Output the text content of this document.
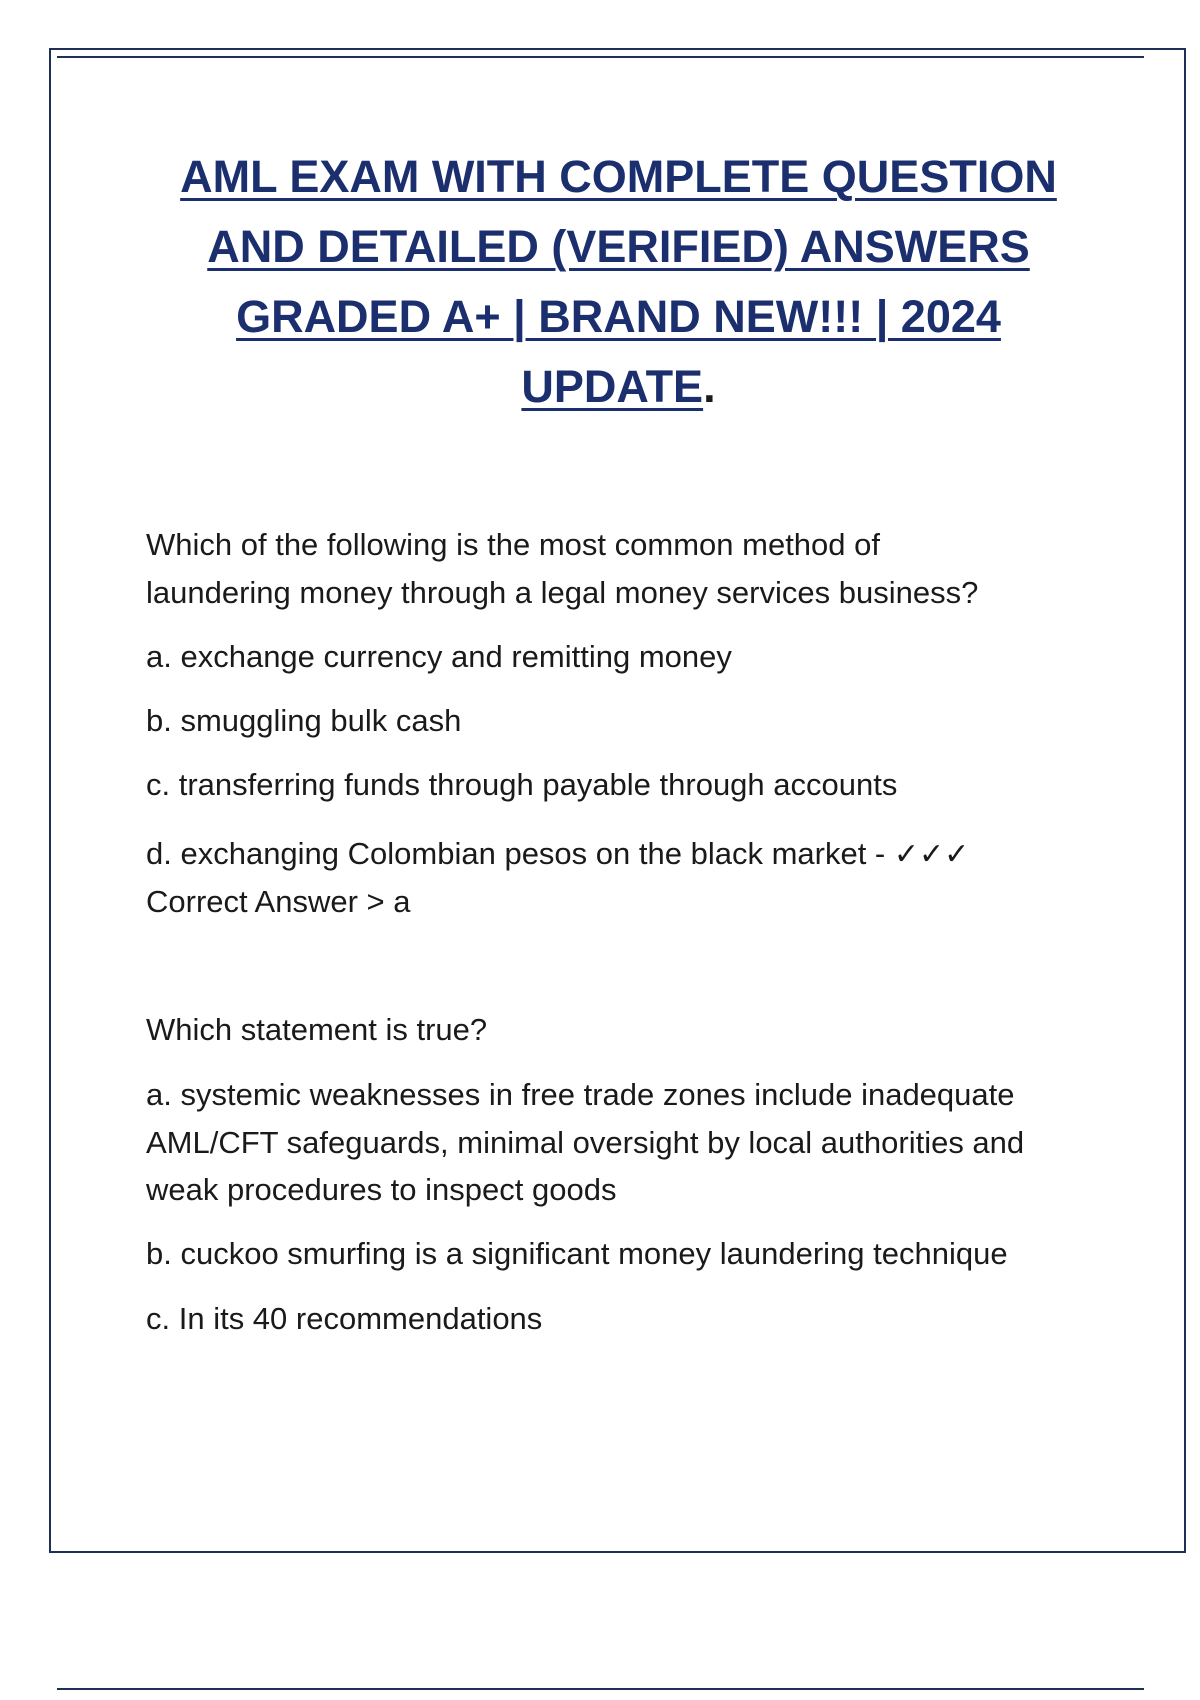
AML EXAM WITH COMPLETE QUESTION
AND DETAILED (VERIFIED) ANSWERS
GRADED A+ | BRAND NEW!!! | 2024
UPDATE.
Which of the following is the most common method of
laundering money through a legal money services business?
a. exchange currency and remitting money
b. smuggling bulk cash
c. transferring funds through payable through accounts
d. exchanging Colombian pesos on the black market - ✓✓✓
Correct Answer > a
Which statement is true?
a. systemic weaknesses in free trade zones include inadequate
AML/CFT safeguards, minimal oversight by local authorities and
weak procedures to inspect goods
b. cuckoo smurfing is a significant money laundering technique
c. In its 40 recommendations
